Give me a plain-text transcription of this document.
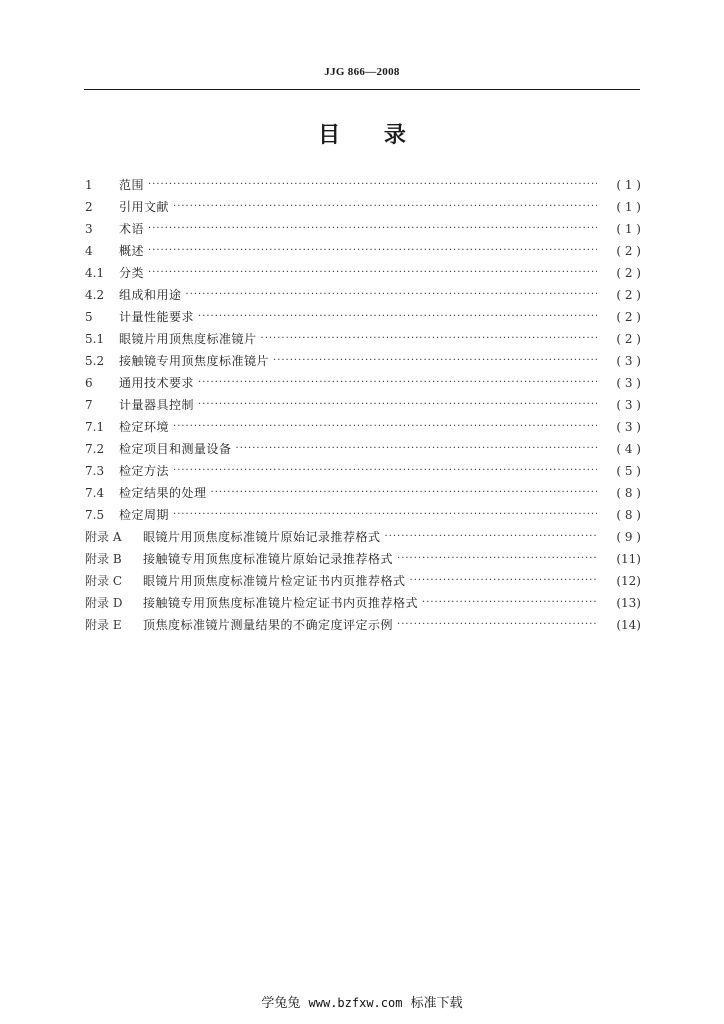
JJG 866—2008
目 录
1	范围 ·····	( 1 )
2	引用文献 ·····	( 1 )
3	术语 ·····	( 1 )
4	概述 ·····	( 2 )
4.1	分类 ·····	( 2 )
4.2	组成和用途 ·····	( 2 )
5	计量性能要求 ·····	( 2 )
5.1	眼镜片用顶焦度标准镜片 ·····	( 2 )
5.2	接触镜专用顶焦度标准镜片 ·····	( 3 )
6	通用技术要求 ·····	( 3 )
7	计量器具控制 ·····	( 3 )
7.1	检定环境 ·····	( 3 )
7.2	检定项目和测量设备 ·····	( 4 )
7.3	检定方法 ·····	( 5 )
7.4	检定结果的处理 ·····	( 8 )
7.5	检定周期 ·····	( 8 )
附录 A	眼镜片用顶焦度标准镜片原始记录推荐格式 ·····	( 9 )
附录 B	接触镜专用顶焦度标准镜片原始记录推荐格式 ·····	(11)
附录 C	眼镜片用顶焦度标准镜片检定证书内页推荐格式 ·····	(12)
附录 D	接触镜专用顶焦度标准镜片检定证书内页推荐格式 ·····	(13)
附录 E	顶焦度标准镜片测量结果的不确定度评定示例 ·····	(14)
学兔兔 www.bzfxw.com 标准下载
